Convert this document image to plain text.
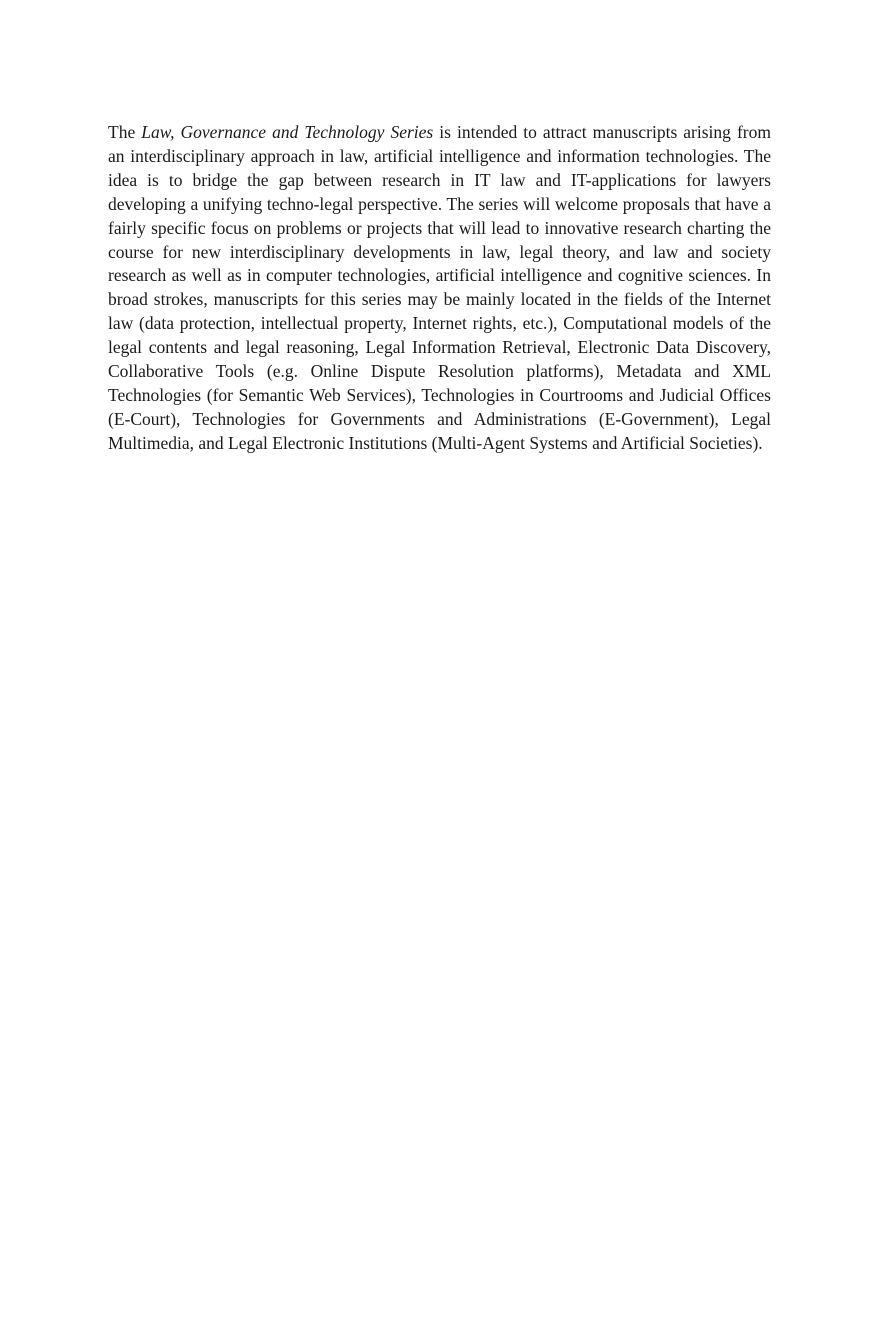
The Law, Governance and Technology Series is intended to attract manuscripts arising from an interdisciplinary approach in law, artificial intelligence and information technologies. The idea is to bridge the gap between research in IT law and IT-applications for lawyers developing a unifying techno-legal perspective. The series will welcome proposals that have a fairly specific focus on problems or projects that will lead to innovative research charting the course for new interdisciplinary developments in law, legal theory, and law and society research as well as in computer technologies, artificial intelligence and cognitive sciences. In broad strokes, manuscripts for this series may be mainly located in the fields of the Internet law (data protection, intellectual property, Internet rights, etc.), Computational models of the legal contents and legal reasoning, Legal Information Retrieval, Electronic Data Discovery, Collaborative Tools (e.g. Online Dispute Resolution platforms), Metadata and XML Technologies (for Semantic Web Services), Technologies in Courtrooms and Judicial Offices (E-Court), Technologies for Governments and Administrations (E-Government), Legal Multimedia, and Legal Electronic Institutions (Multi-Agent Systems and Artificial Societies).
